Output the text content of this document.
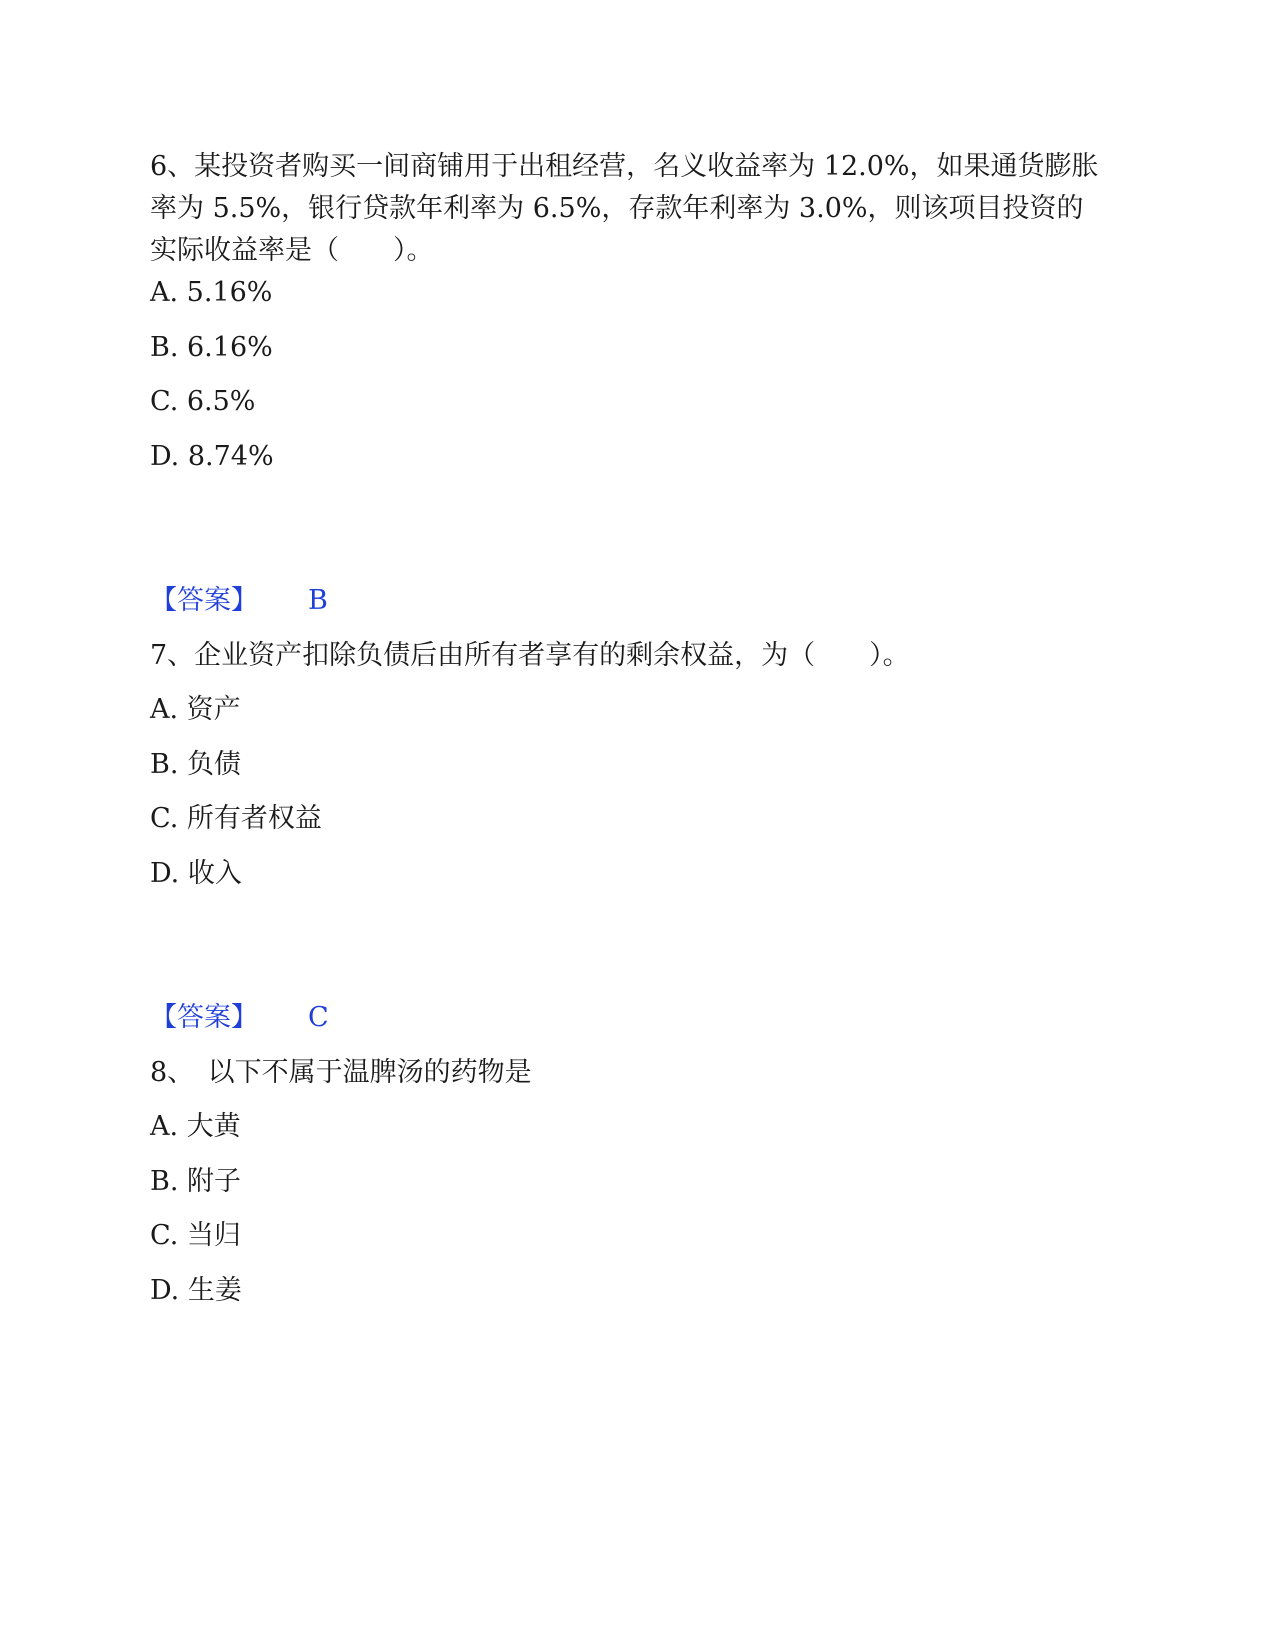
6、某投资者购买一间商铺用于出租经营，名义收益率为 12.0%，如果通货膨胀率为 5.5%，银行贷款年利率为 6.5%，存款年利率为 3.0%，则该项目投资的实际收益率是（　　）。

A. 5.16%

B. 6.16%

C. 6.5%

D. 8.74%

【答案】 B

7、企业资产扣除负债后由所有者享有的剩余权益，为（　　）。

A. 资产

B. 负债

C. 所有者权益

D. 收入

【答案】 C

8、　以下不属于温脾汤的药物是

A. 大黄

B. 附子

C. 当归

D. 生姜
